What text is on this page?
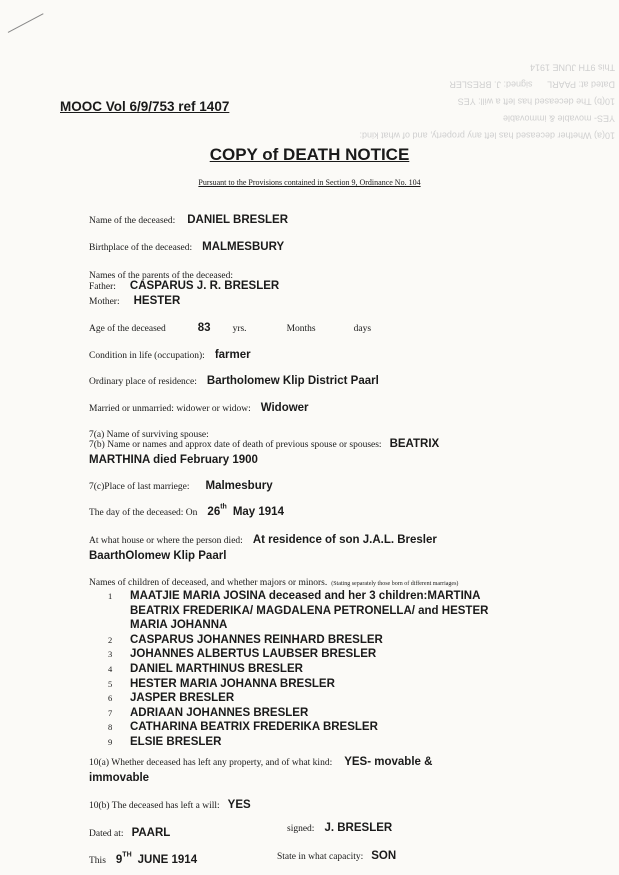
10(a) Whether deceased has left any property, and of what kind: YES- movable & immovable
10(b) The deceased has left a will: YES
Dated at: PAARL      signed: J. BRESLER
This 9TH JUNE 1914
MOOC Vol 6/9/753 ref 1407
COPY of DEATH NOTICE
Pursuant to the Provisions contained in Section 9, Ordinance No. 104
Name of the deceased: DANIEL BRESLER
Birthplace of the deceased: MALMESBURY
Names of the parents of the deceased:
Father: CASPARUS J. R. BRESLER
Mother: HESTER
Age of the deceased	83 yrs.	Months	days
Condition in life (occupation): farmer
Ordinary place of residence: Bartholomew Klip District Paarl
Married or unmarried: widower or widow: Widower
7(a) Name of surviving spouse:
7(b) Name or names and approx date of death of previous spouse or spouses: BEATRIX
MARTHINA died February 1900
7(c)Place of last marriege: Malmesbury
The day of the deceased: On 26th May 1914
At what house or where the person died: At residence of son J.A.L. Bresler
BaarthOlomew Klip Paarl
Names of children of deceased, and whether majors or minors. (Stating separately those born of different marriages)
1 MAATJIE MARIA JOSINA deceased and her 3 children:MARTINA
BEATRIX FREDERIKA/ MAGDALENA PETRONELLA/ and HESTER
MARIA JOHANNA
2 CASPARUS JOHANNES REINHARD BRESLER
3 JOHANNES ALBERTUS LAUBSER BRESLER
4 DANIEL MARTHINUS BRESLER
5 HESTER MARIA JOHANNA BRESLER
6 JASPER BRESLER
7 ADRIAAN JOHANNES BRESLER
8 CATHARINA BEATRIX FREDERIKA BRESLER
9 ELSIE BRESLER
10(a) Whether deceased has left any property, and of what kind: YES- movable &
immovable
10(b) The deceased has left a will: YES
Dated at: PAARL	signed: J. BRESLER
This 9TH JUNE 1914	State in what capacity: SON
